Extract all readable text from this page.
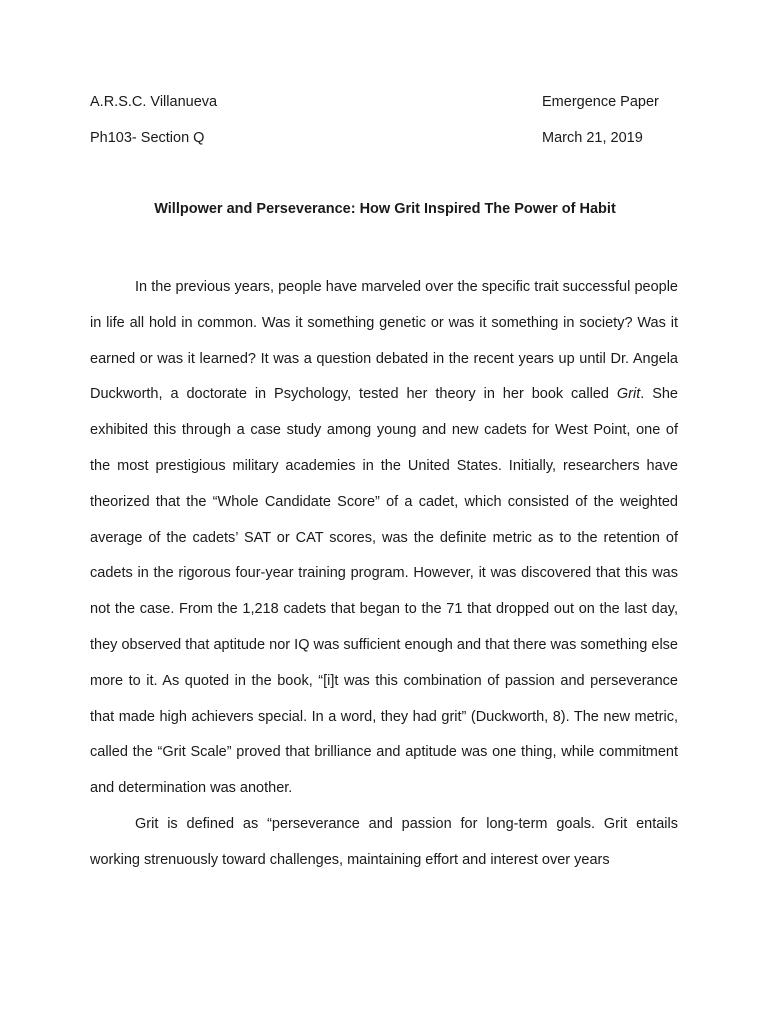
A.R.S.C. Villanueva	Emergence Paper
Ph103- Section Q	March 21, 2019
Willpower and Perseverance: How Grit Inspired The Power of Habit

In the previous years, people have marveled over the specific trait successful people in life all hold in common. Was it something genetic or was it something in society? Was it earned or was it learned? It was a question debated in the recent years up until Dr. Angela Duckworth, a doctorate in Psychology, tested her theory in her book called Grit. She exhibited this through a case study among young and new cadets for West Point, one of the most prestigious military academies in the United States. Initially, researchers have theorized that the “Whole Candidate Score” of a cadet, which consisted of the weighted average of the cadets’ SAT or CAT scores, was the definite metric as to the retention of cadets in the rigorous four-year training program. However, it was discovered that this was not the case. From the 1,218 cadets that began to the 71 that dropped out on the last day, they observed that aptitude nor IQ was sufficient enough and that there was something else more to it. As quoted in the book, “[i]t was this combination of passion and perseverance that made high achievers special. In a word, they had grit” (Duckworth, 8). The new metric, called the “Grit Scale” proved that brilliance and aptitude was one thing, while commitment and determination was another.

Grit is defined as “perseverance and passion for long-term goals. Grit entails working strenuously toward challenges, maintaining effort and interest over years
